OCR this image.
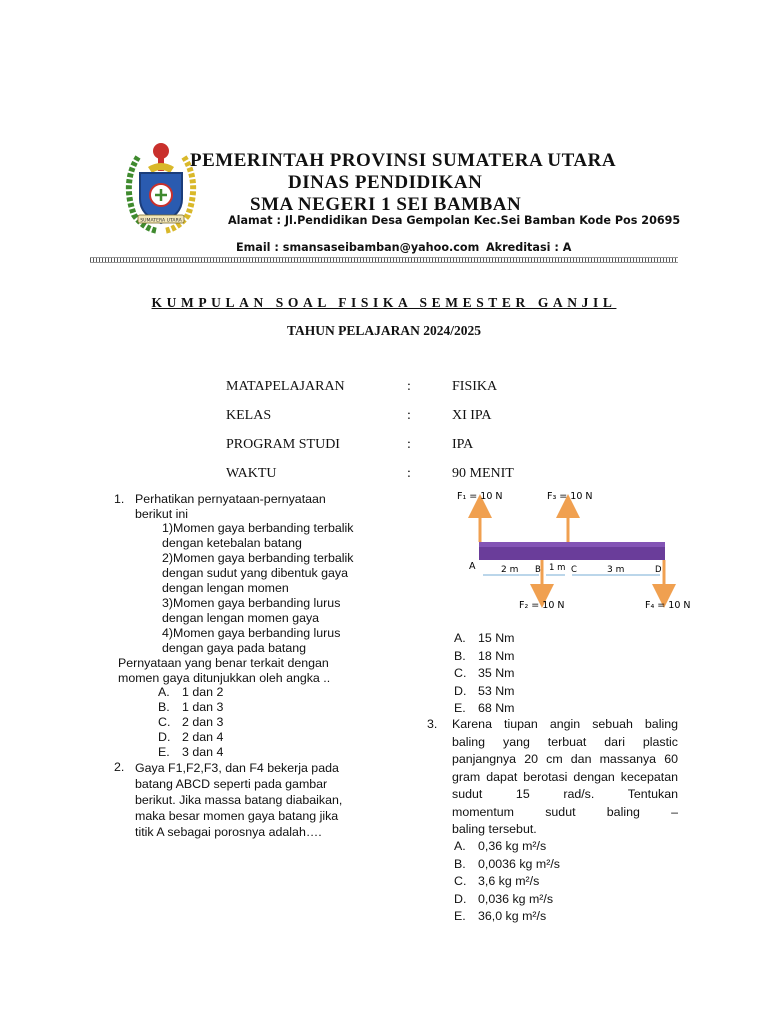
SUMATERA UTARA
PEMERINTAH PROVINSI SUMATERA UTARA
DINAS PENDIDIKAN
SMA NEGERI 1 SEI BAMBAN
Alamat : Jl.Pendidikan Desa Gempolan Kec.Sei Bamban Kode Pos 20695
Email : smansaseibamban@yahoo.com Akreditasi : A
KUMPULAN SOAL FISIKA SEMESTER GANJIL
TAHUN PELAJARAN 2024/2025
MATAPELAJARAN	:	FISIKA
KELAS	:	XI IPA
PROGRAM STUDI	:	IPA
WAKTU	:	90 MENIT
1. Perhatikan pernyataan-pernyataan
berikut ini
1)Momen gaya berbanding terbalik
dengan ketebalan batang
2)Momen gaya berbanding terbalik
dengan sudut yang dibentuk gaya
dengan lengan momen
3)Momen gaya berbanding lurus
dengan lengan momen gaya
4)Momen gaya berbanding lurus
dengan gaya pada batang
Pernyataan yang benar terkait dengan
momen gaya ditunjukkan oleh angka ..
A. 1 dan 2
B. 1 dan 3
C. 2 dan 3
D. 2 dan 4
E. 3 dan 4
2. Gaya F1,F2,F3, dan F4 bekerja pada
batang ABCD seperti pada gambar
berikut. Jika massa batang diabaikan,
maka besar momen gaya batang jika
titik A sebagai porosnya adalah….
F₁ = 10 N	F₃ = 10 N
F₂ = 10 N	F₄ = 10 N
A	B	C	D
2 m	1 m	3 m
A. 15 Nm
B. 18 Nm
C. 35 Nm
D. 53 Nm
E. 68 Nm
3.	Karena tiupan angin sebuah baling
baling yang terbuat dari plastic
panjangnya 20 cm dan massanya 60
gram dapat berotasi dengan kecepatan
sudut 15 rad/s. Tentukan
momentum sudut baling –
baling tersebut.
A. 0,36 kg m²/s
B. 0,0036 kg m²/s
C. 3,6 kg m²/s
D. 0,036 kg m²/s
E. 36,0 kg m²/s
